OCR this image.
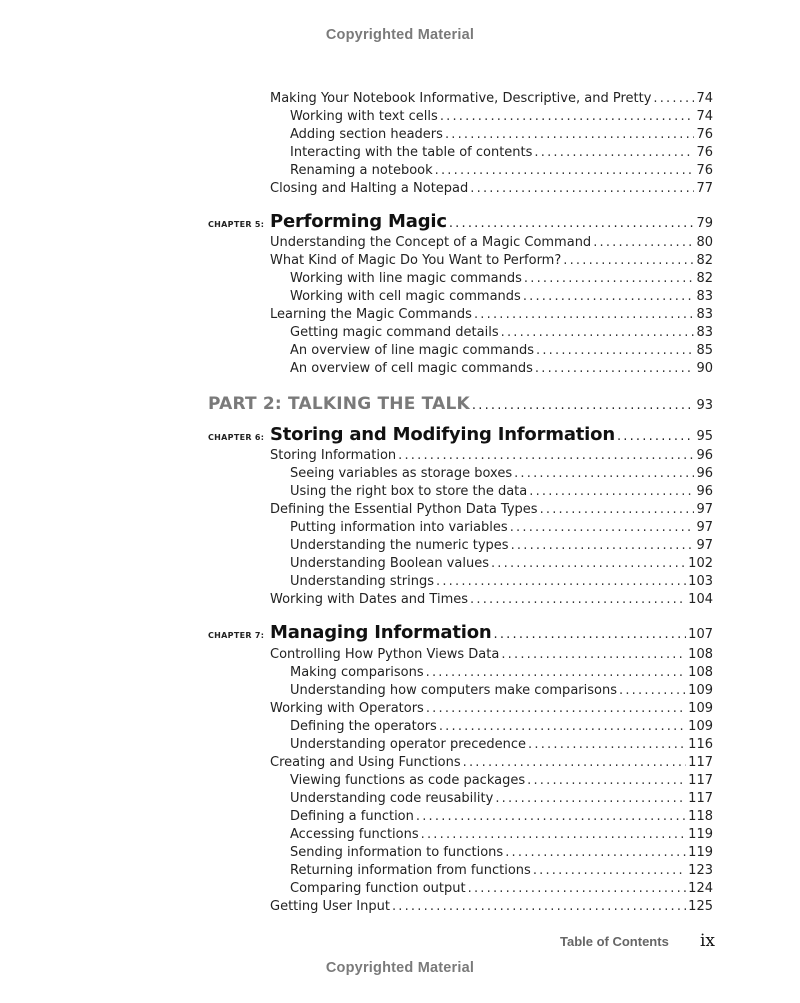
Copyrighted Material
Making Your Notebook Informative, Descriptive, and Pretty .....	74
Working with text cells .....	74
Adding section headers .....	76
Interacting with the table of contents .....	76
Renaming a notebook .....	76
Closing and Halting a Notepad .....	77
CHAPTER 5: Performing Magic .....	79
Understanding the Concept of a Magic Command .....	80
What Kind of Magic Do You Want to Perform? .....	82
Working with line magic commands .....	82
Working with cell magic commands .....	83
Learning the Magic Commands .....	83
Getting magic command details .....	83
An overview of line magic commands .....	85
An overview of cell magic commands .....	90
PART 2: TALKING THE TALK .....	93
CHAPTER 6: Storing and Modifying Information .....	95
Storing Information .....	96
Seeing variables as storage boxes .....	96
Using the right box to store the data .....	96
Defining the Essential Python Data Types .....	97
Putting information into variables .....	97
Understanding the numeric types .....	97
Understanding Boolean values .....	102
Understanding strings .....	103
Working with Dates and Times .....	104
CHAPTER 7: Managing Information .....	107
Controlling How Python Views Data .....	108
Making comparisons .....	108
Understanding how computers make comparisons .....	109
Working with Operators .....	109
Defining the operators .....	109
Understanding operator precedence .....	116
Creating and Using Functions .....	117
Viewing functions as code packages .....	117
Understanding code reusability .....	117
Defining a function .....	118
Accessing functions .....	119
Sending information to functions .....	119
Returning information from functions .....	123
Comparing function output .....	124
Getting User Input .....	125
Table of Contents ix
Copyrighted Material
